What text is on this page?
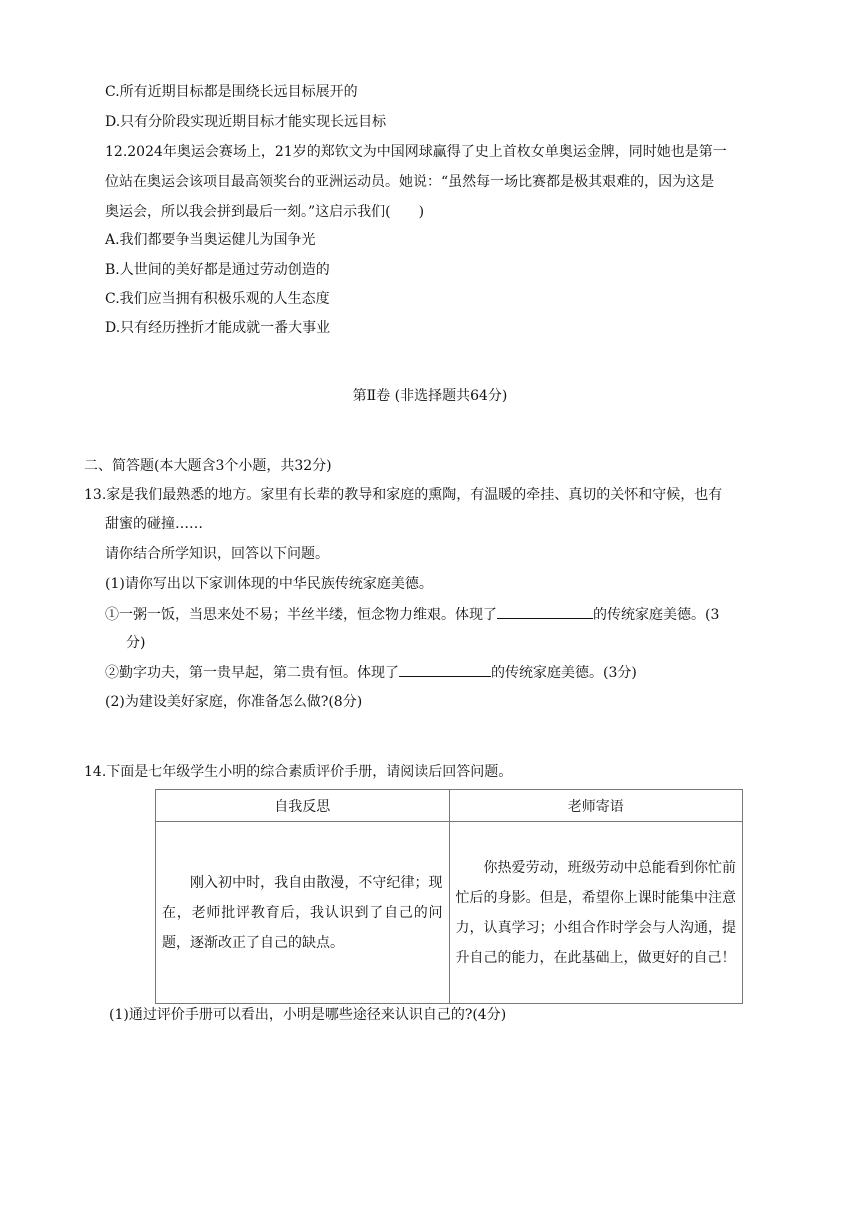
C.所有近期目标都是围绕长远目标展开的
D.只有分阶段实现近期目标才能实现长远目标
12.2024年奥运会赛场上，21岁的郑钦文为中国网球赢得了史上首枚女单奥运金牌，同时她也是第一
位站在奥运会该项目最高领奖台的亚洲运动员。她说：“虽然每一场比赛都是极其艰难的，因为这是
奥运会，所以我会拼到最后一刻。”这启示我们(　　)
A.我们都要争当奥运健儿为国争光
B.人世间的美好都是通过劳动创造的
C.我们应当拥有积极乐观的人生态度
D.只有经历挫折才能成就一番大事业
第Ⅱ卷 (非选择题共64分)
二、简答题(本大题含3个小题，共32分)
13.家是我们最熟悉的地方。家里有长辈的教导和家庭的熏陶，有温暖的牵挂、真切的关怀和守候，也有
甜蜜的碰撞……
请你结合所学知识，回答以下问题。
(1)请你写出以下家训体现的中华民族传统家庭美德。
①一粥一饭，当思来处不易；半丝半缕，恒念物力维艰。体现了	的传统家庭美德。(3
分)
②勤字功夫，第一贵早起，第二贵有恒。体现了	的传统家庭美德。(3分)
(2)为建设美好家庭，你准备怎么做?(8分)
14.下面是七年级学生小明的综合素质评价手册，请阅读后回答问题。
自我反思	老师寄语

刚入初中时，我自由散漫，不守纪律；现在，老师批评教育后，我认识到了自己的问题，逐渐改正了自己的缺点。	你热爱劳动，班级劳动中总能看到你忙前忙后的身影。但是，希望你上课时能集中注意力，认真学习；小组合作时学会与人沟通，提升自己的能力，在此基础上，做更好的自己！
(1)通过评价手册可以看出，小明是哪些途径来认识自己的?(4分)
